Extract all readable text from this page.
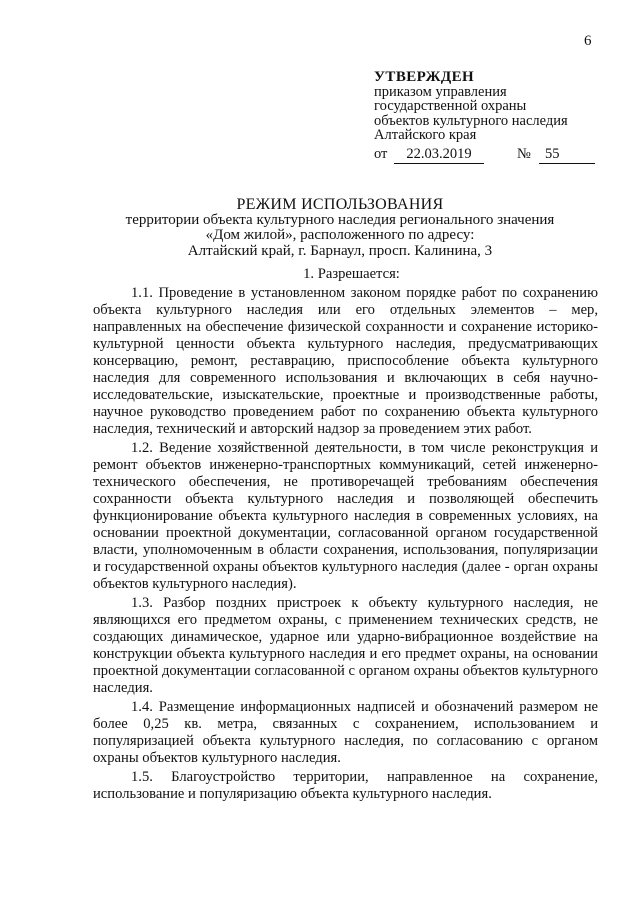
6
УТВЕРЖДЕН
приказом управления
государственной охраны
объектов культурного наследия
Алтайского края
от	22.03.2019	№ 55
РЕЖИМ ИСПОЛЬЗОВАНИЯ
территории объекта культурного наследия регионального значения
«Дом жилой», расположенного по адресу:
Алтайский край, г. Барнаул, просп. Калинина, 3
1. Разрешается:

1.1. Проведение в установленном законом порядке работ по сохранению объекта культурного наследия или его отдельных элементов – мер, направленных на обеспечение физической сохранности и сохранение историко-культурной ценности объекта культурного наследия, предусматривающих консервацию, ремонт, реставрацию, приспособление объекта культурного наследия для современного использования и включающих в себя научно-исследовательские, изыскательские, проектные и производственные работы, научное руководство проведением работ по сохранению объекта культурного наследия, технический и авторский надзор за проведением этих работ.

1.2. Ведение хозяйственной деятельности, в том числе реконструкция и ремонт объектов инженерно-транспортных коммуникаций, сетей инженерно-технического обеспечения, не противоречащей требованиям обеспечения сохранности объекта культурного наследия и позволяющей обеспечить функционирование объекта культурного наследия в современных условиях, на основании проектной документации, согласованной органом государственной власти, уполномоченным в области сохранения, использования, популяризации и государственной охраны объектов культурного наследия (далее - орган охраны объектов культурного наследия).

1.3. Разбор поздних пристроек к объекту культурного наследия, не являющихся его предметом охраны, с применением технических средств, не создающих динамическое, ударное или ударно-вибрационное воздействие на конструкции объекта культурного наследия и его предмет охраны, на основании проектной документации согласованной с органом охраны объектов культурного наследия.

1.4. Размещение информационных надписей и обозначений размером не более 0,25 кв. метра, связанных с сохранением, использованием и популяризацией объекта культурного наследия, по согласованию с органом охраны объектов культурного наследия.

1.5. Благоустройство территории, направленное на сохранение, использование и популяризацию объекта культурного наследия.
